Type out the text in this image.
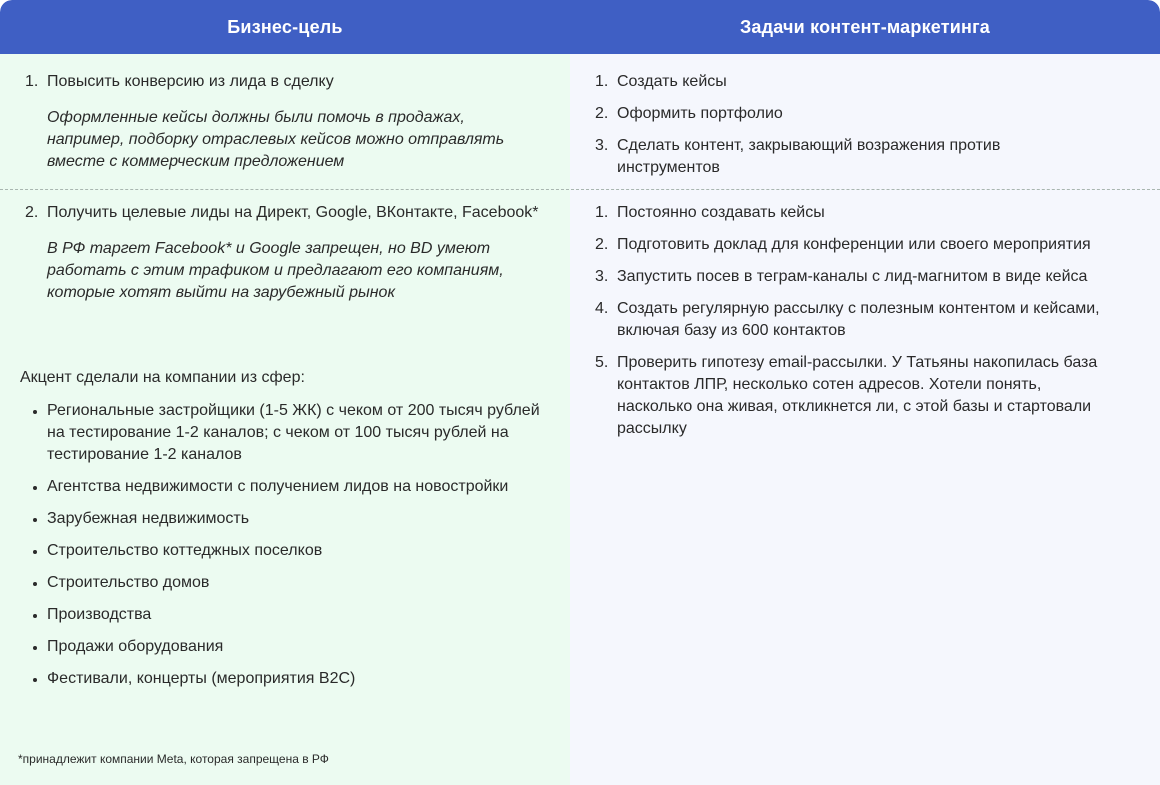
Бизнес-цель	Задачи контент-маркетинга
1. Повысить конверсию из лида в сделку

Оформленные кейсы должны были помочь в продажах, например, подборку отраслевых кейсов можно отправлять вместе с коммерческим предложением

1. Создать кейсы
2. Оформить портфолио
3. Сделать контент, закрывающий возражения против инструментов
2. Получить целевые лиды на Директ, Google, ВКонтакте, Facebook*

В РФ таргет Facebook* и Google запрещен, но BD умеют работать с этим трафиком и предлагают его компаниям, которые хотят выйти на зарубежный рынок

Акцент сделали на компании из сфер:

Региональные застройщики (1-5 ЖК) с чеком от 200 тысяч рублей на тестирование 1-2 каналов; с чеком от 100 тысяч рублей на тестирование 1-2 каналов
Агентства недвижимости с получением лидов на новостройки
Зарубежная недвижимость
Строительство коттеджных поселков
Строительство домов
Производства
Продажи оборудования
Фестивали, концерты (мероприятия B2C)
1. Постоянно создавать кейсы
2. Подготовить доклад для конференции или своего мероприятия
3. Запустить посев в теграм-каналы с лид-магнитом в виде кейса
4. Создать регулярную рассылку с полезным контентом и кейсами, включая базу из 600 контактов
5. Проверить гипотезу email-рассылки. У Татьяны накопилась база контактов ЛПР, несколько сотен адресов. Хотели понять, насколько она живая, откликнется ли, с этой базы и стартовали рассылку
*принадлежит компании Meta, которая запрещена в РФ
